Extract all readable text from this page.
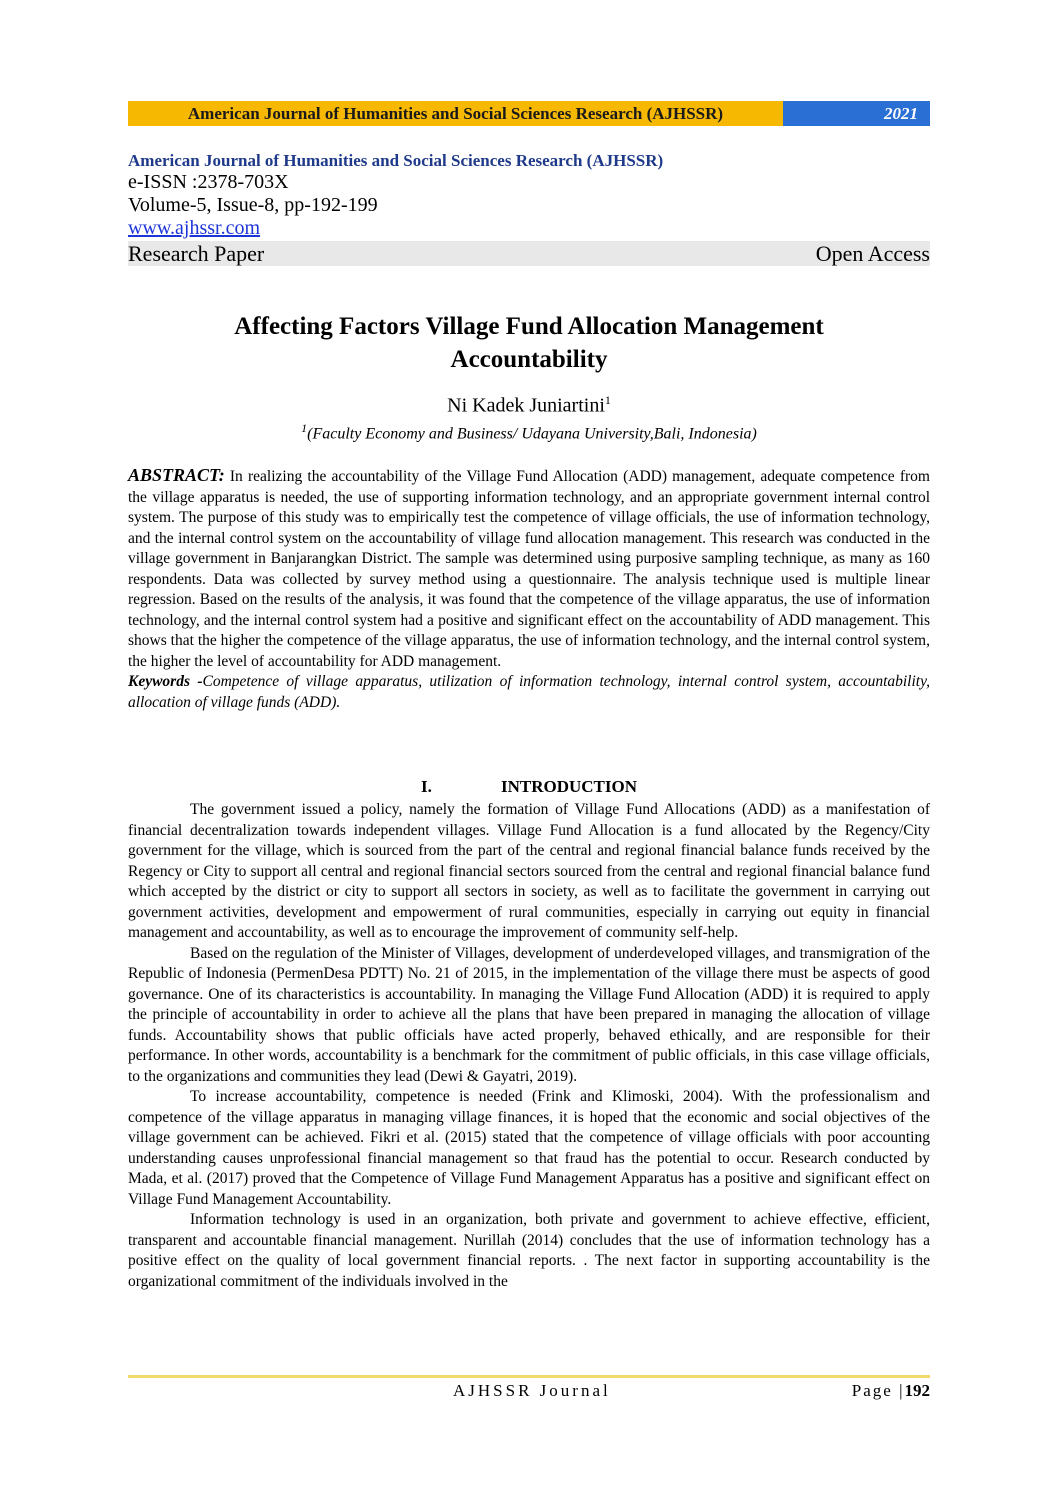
American Journal of Humanities and Social Sciences Research (AJHSSR)	2021
American Journal of Humanities and Social Sciences Research (AJHSSR)
e-ISSN :2378-703X
Volume-5, Issue-8, pp-192-199
www.ajhssr.com
Research Paper	Open Access
Affecting Factors Village Fund Allocation Management
Accountability
Ni Kadek Juniartini$^1$
$^1$(Faculty Economy and Business/ Udayana University,Bali, Indonesia)
ABSTRACT: In realizing the accountability of the Village Fund Allocation (ADD) management, adequate competence from the village apparatus is needed, the use of supporting information technology, and an appropriate government internal control system. The purpose of this study was to empirically test the competence of village officials, the use of information technology, and the internal control system on the accountability of village fund allocation management. This research was conducted in the village government in Banjarangkan District. The sample was determined using purposive sampling technique, as many as 160 respondents. Data was collected by survey method using a questionnaire. The analysis technique used is multiple linear regression. Based on the results of the analysis, it was found that the competence of the village apparatus, the use of information technology, and the internal control system had a positive and significant effect on the accountability of ADD management. This shows that the higher the competence of the village apparatus, the use of information technology, and the internal control system, the higher the level of accountability for ADD management.
Keywords -Competence of village apparatus, utilization of information technology, internal control system, accountability, allocation of village funds (ADD).
I.	INTRODUCTION

The government issued a policy, namely the formation of Village Fund Allocations (ADD) as a manifestation of financial decentralization towards independent villages. Village Fund Allocation is a fund allocated by the Regency/City government for the village, which is sourced from the part of the central and regional financial balance funds received by the Regency or City to support all central and regional financial sectors sourced from the central and regional financial balance fund which accepted by the district or city to support all sectors in society, as well as to facilitate the government in carrying out government activities, development and empowerment of rural communities, especially in carrying out equity in financial management and accountability, as well as to encourage the improvement of community self-help.

Based on the regulation of the Minister of Villages, development of underdeveloped villages, and transmigration of the Republic of Indonesia (PermenDesa PDTT) No. 21 of 2015, in the implementation of the village there must be aspects of good governance. One of its characteristics is accountability. In managing the Village Fund Allocation (ADD) it is required to apply the principle of accountability in order to achieve all the plans that have been prepared in managing the allocation of village funds. Accountability shows that public officials have acted properly, behaved ethically, and are responsible for their performance. In other words, accountability is a benchmark for the commitment of public officials, in this case village officials, to the organizations and communities they lead (Dewi & Gayatri, 2019).

To increase accountability, competence is needed (Frink and Klimoski, 2004). With the professionalism and competence of the village apparatus in managing village finances, it is hoped that the economic and social objectives of the village government can be achieved. Fikri et al. (2015) stated that the competence of village officials with poor accounting understanding causes unprofessional financial management so that fraud has the potential to occur. Research conducted by Mada, et al. (2017) proved that the Competence of Village Fund Management Apparatus has a positive and significant effect on Village Fund Management Accountability.

Information technology is used in an organization, both private and government to achieve effective, efficient, transparent and accountable financial management. Nurillah (2014) concludes that the use of information technology has a positive effect on the quality of local government financial reports. . The next factor in supporting accountability is the organizational commitment of the individuals involved in the

AJHSSR Journal	Page |192
